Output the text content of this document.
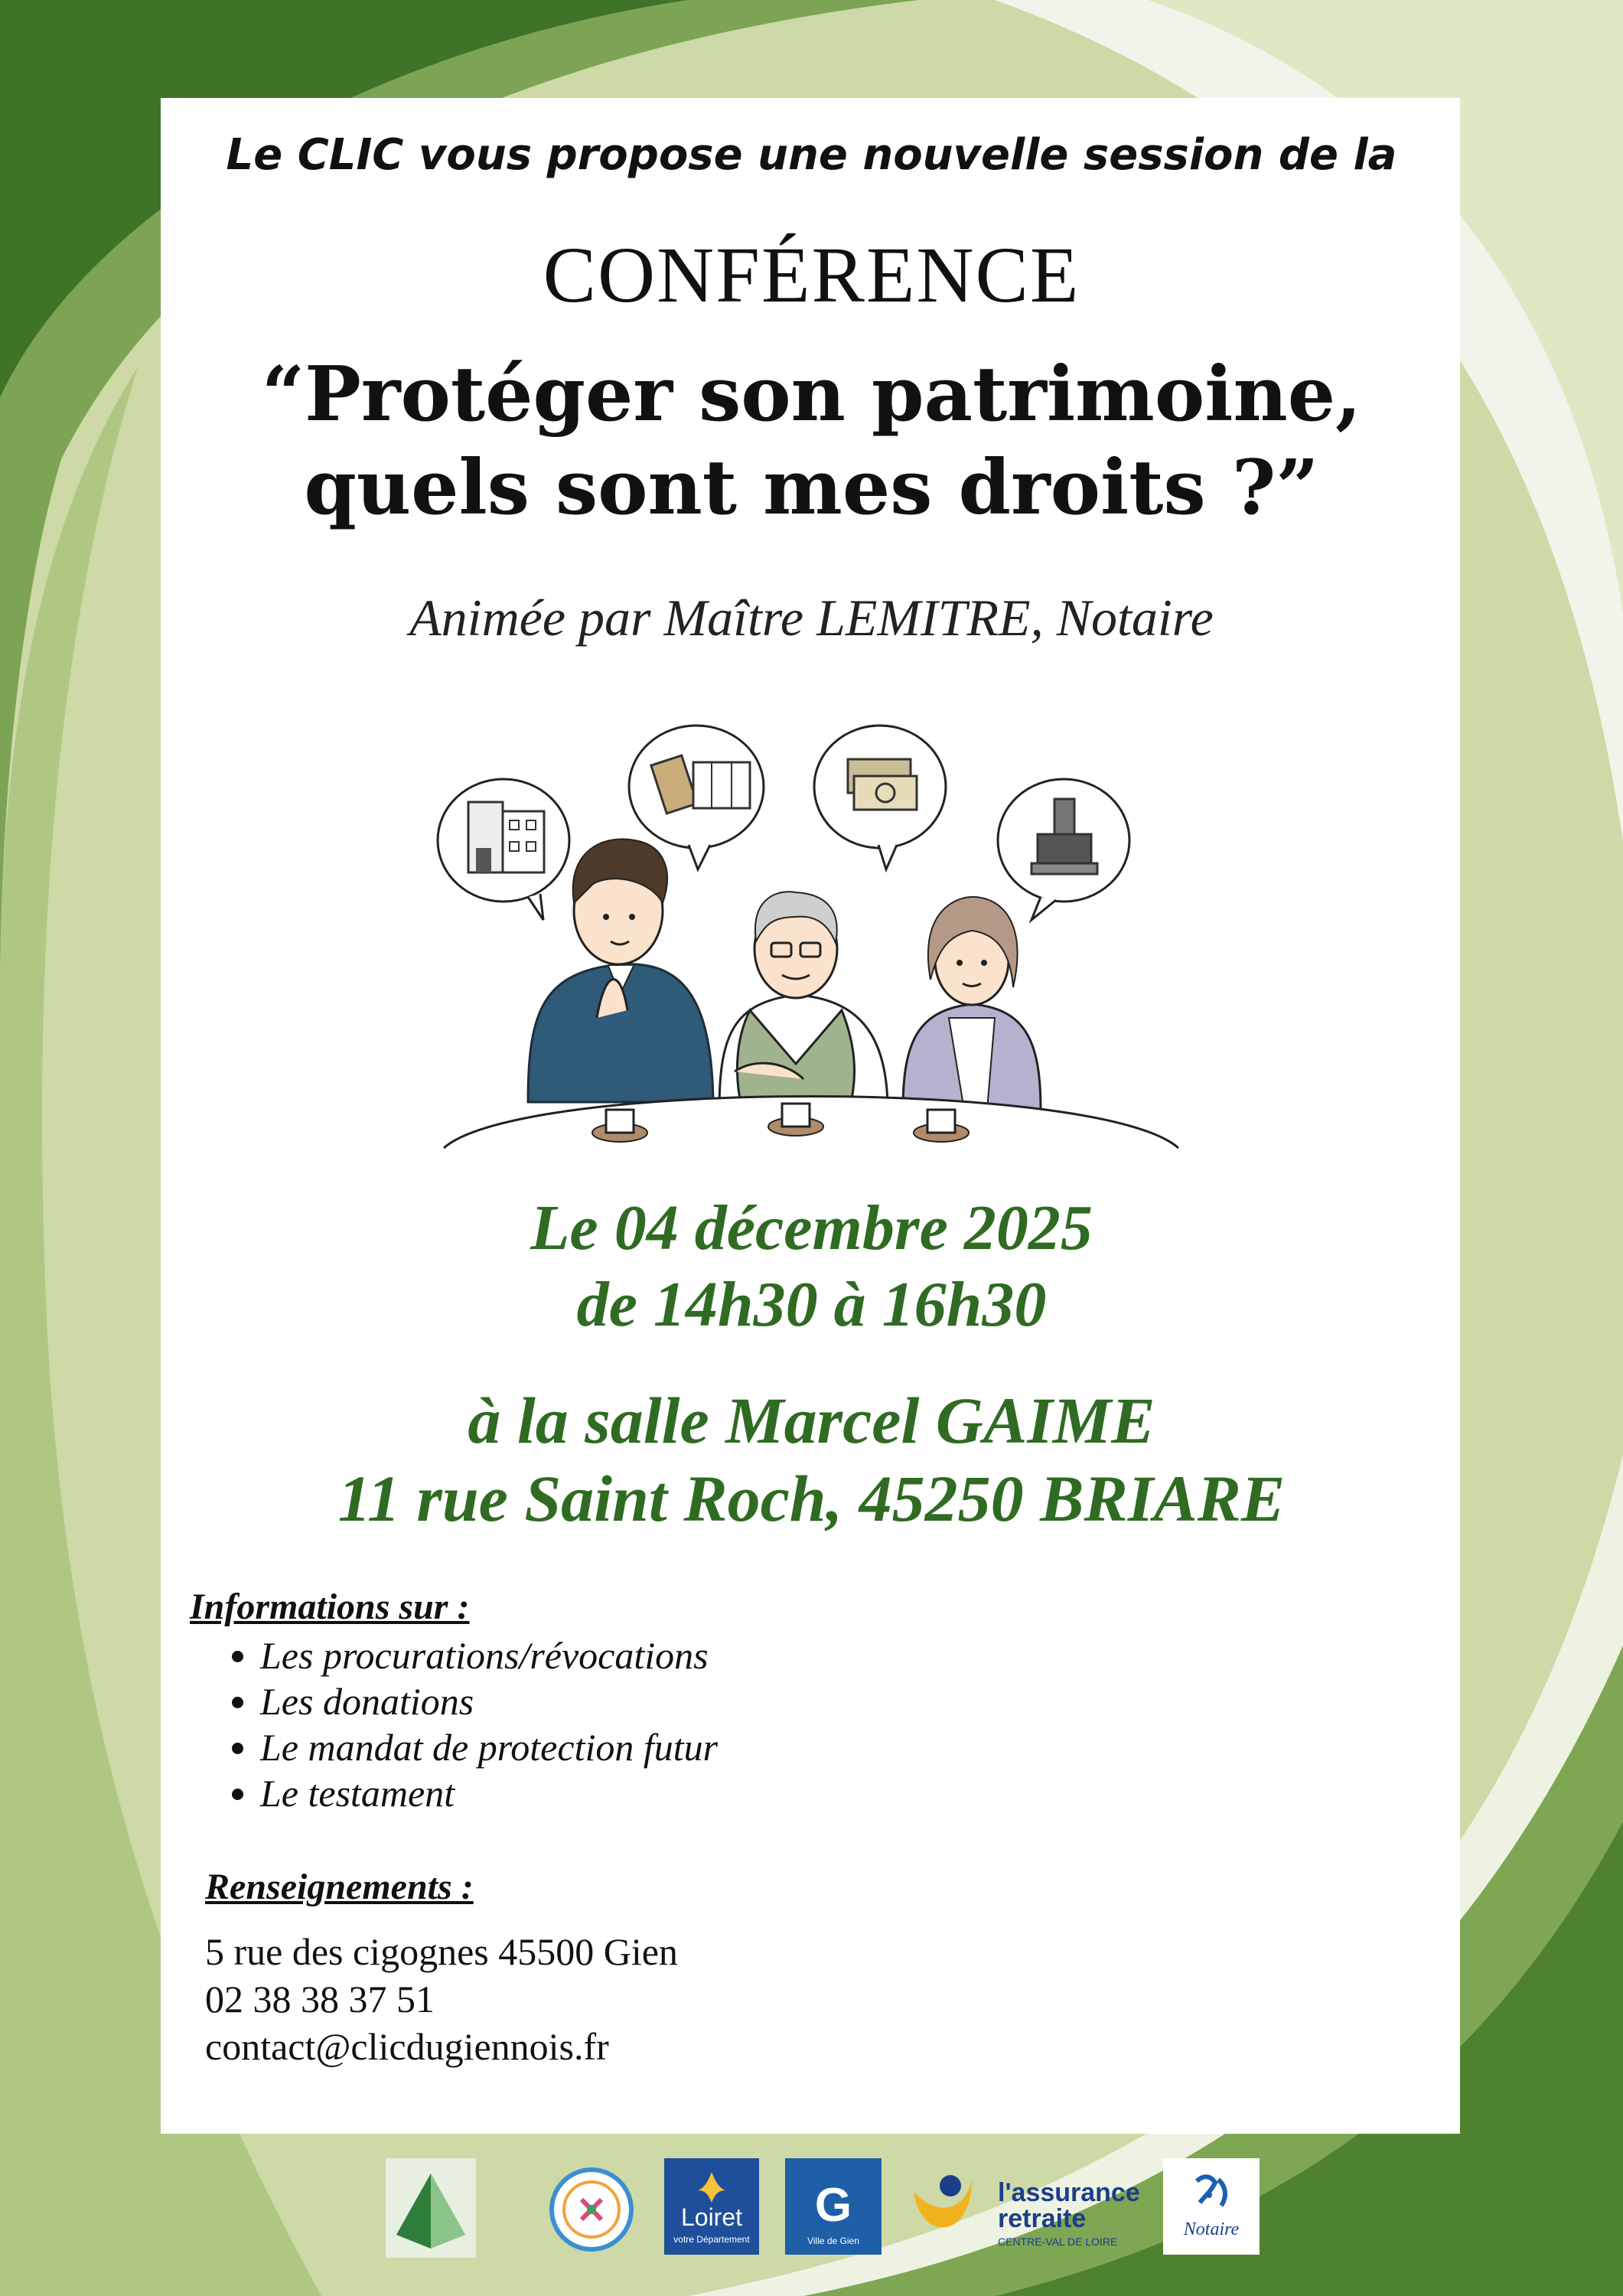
Le CLIC vous propose une nouvelle session de la
CONFÉRENCE
“Protéger son patrimoine,
quels sont mes droits ?”
Animée par Maître LEMITRE, Notaire
Le 04 décembre 2025
de 14h30 à 16h30
à la salle Marcel GAIME
11 rue Saint Roch, 45250 BRIARE
Informations sur :
• Les procurations/révocations
• Les donations
• Le mandat de protection futur
• Le testament
Renseignements :
5 rue des cigognes 45500 Gien
02 38 38 37 51
contact@clicdugiennois.fr
Loiret
votre Département
G
Ville de Gien
l'assurance
retraite
CENTRE-VAL DE LOIRE
Notaire
